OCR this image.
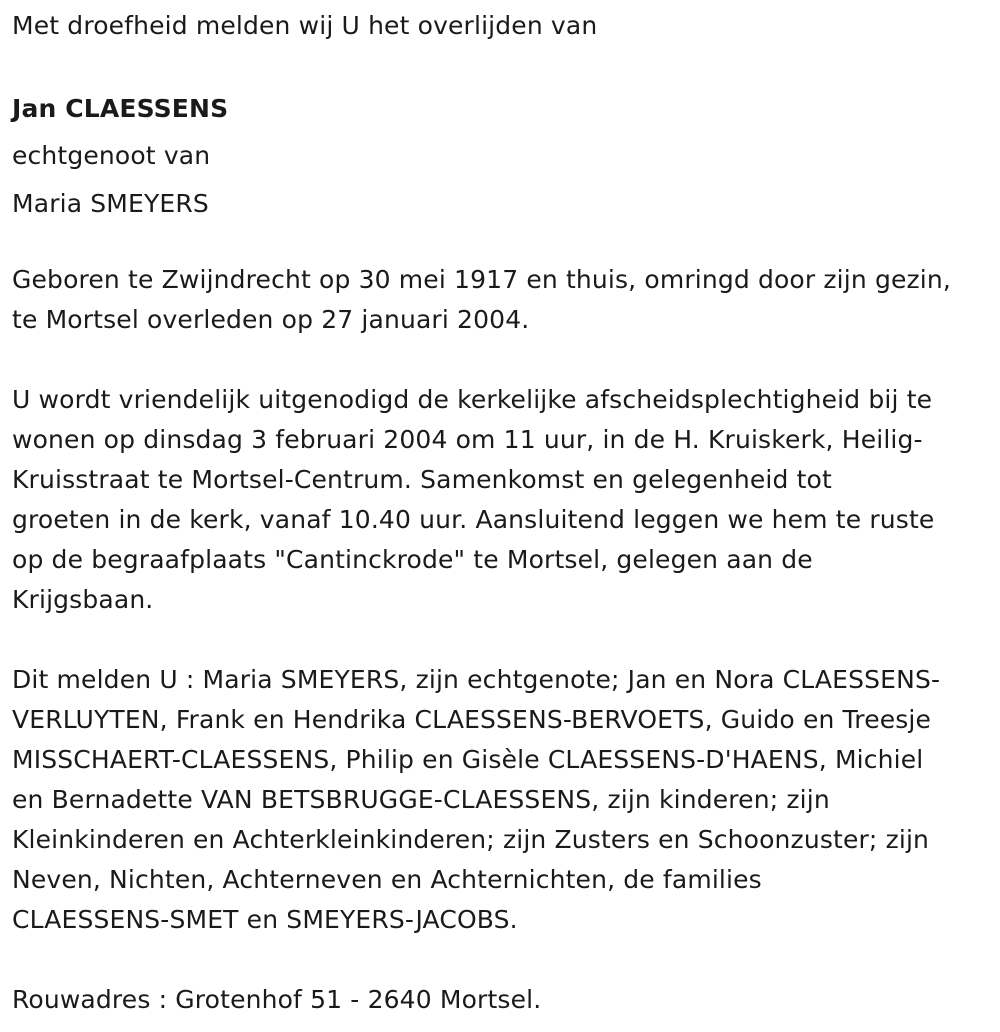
Met droefheid melden wij U het overlijden van

Jan CLAESSENS

echtgenoot van

Maria SMEYERS

Geboren te Zwijndrecht op 30 mei 1917 en thuis, omringd door zijn gezin,

te Mortsel overleden op 27 januari 2004.

U wordt vriendelijk uitgenodigd de kerkelijke afscheidsplechtigheid bij te

wonen op dinsdag 3 februari 2004 om 11 uur, in de H. Kruiskerk, Heilig-

Kruisstraat te Mortsel-Centrum. Samenkomst en gelegenheid tot

groeten in de kerk, vanaf 10.40 uur. Aansluitend leggen we hem te ruste

op de begraafplaats "Cantinckrode" te Mortsel, gelegen aan de

Krijgsbaan.

Dit melden U : Maria SMEYERS, zijn echtgenote; Jan en Nora CLAESSENS-

VERLUYTEN, Frank en Hendrika CLAESSENS-BERVOETS, Guido en Treesje

MISSCHAERT-CLAESSENS, Philip en Gisèle CLAESSENS-D'HAENS, Michiel

en Bernadette VAN BETSBRUGGE-CLAESSENS, zijn kinderen; zijn

Kleinkinderen en Achterkleinkinderen; zijn Zusters en Schoonzuster; zijn

Neven, Nichten, Achterneven en Achternichten, de families

CLAESSENS-SMET en SMEYERS-JACOBS.

Rouwadres : Grotenhof 51 - 2640 Mortsel.
